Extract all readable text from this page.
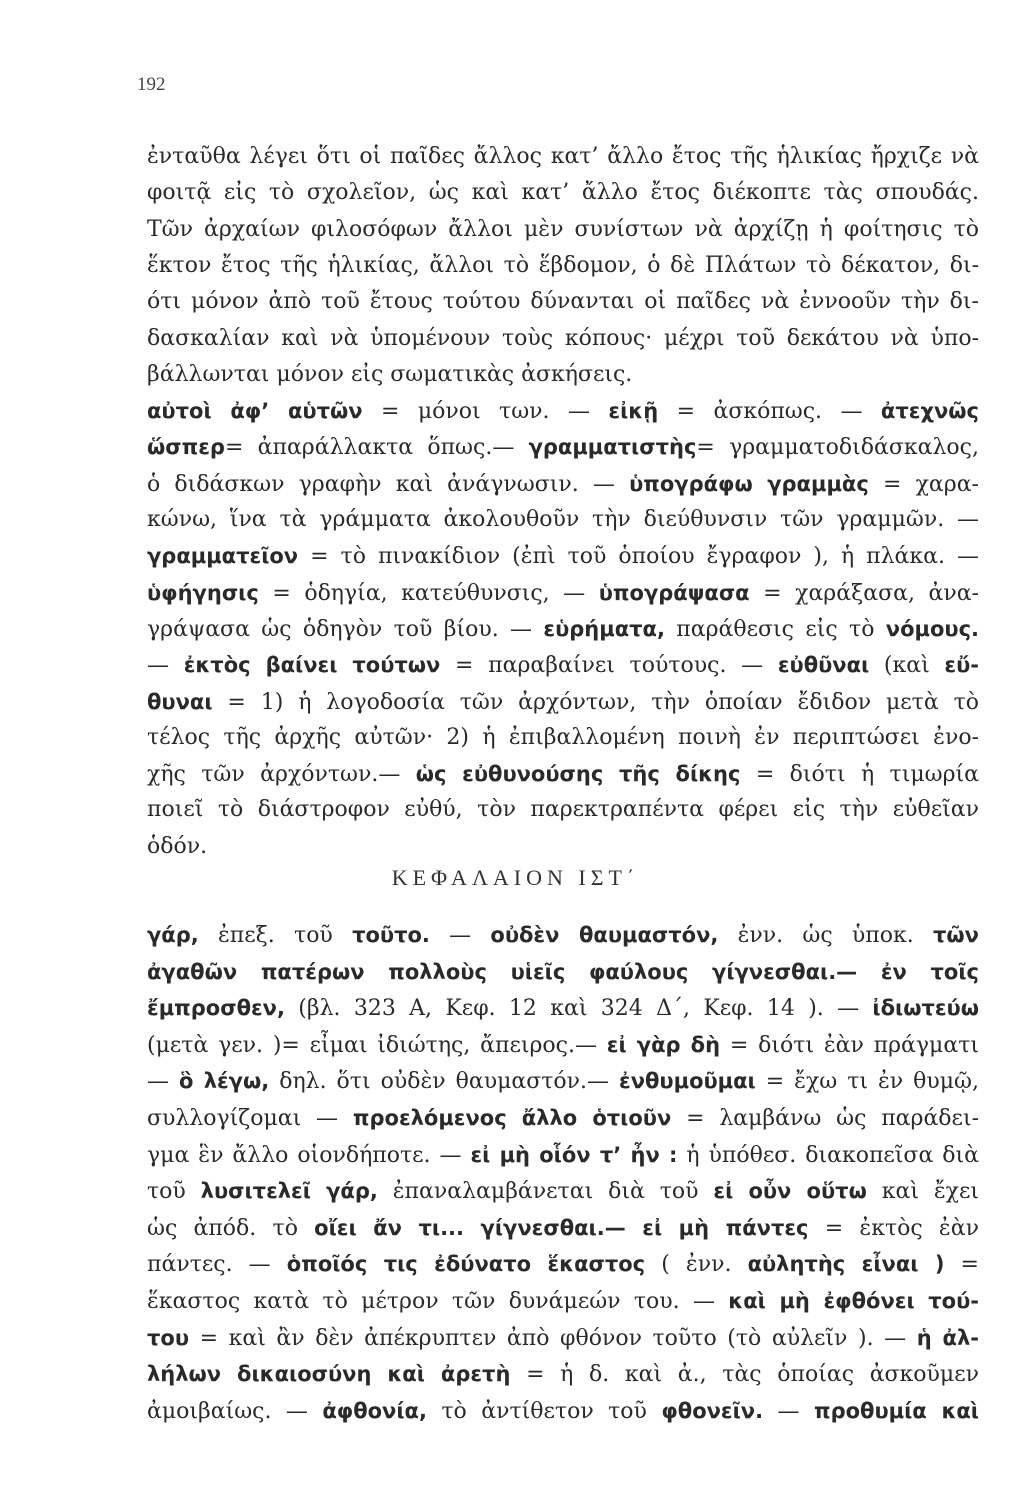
192
ἐνταῦθα λέγει ὅτι οἱ παῖδες ἄλλος κατ’ ἄλλο ἔτος τῆς ἡλικίας ἤρχιζε νὰ
φοιτᾷ εἰς τὸ σχολεῖον, ὡς καὶ κατ’ ἄλλο ἔτος διέκοπτε τὰς σπουδάς.
Τῶν ἀρχαίων φιλοσόφων ἄλλοι μὲν συνίστων νὰ ἀρχίζῃ ἡ φοίτησις τὸ
ἕκτον ἔτος τῆς ἡλικίας, ἄλλοι τὸ ἕβδομον, ὁ δὲ Πλάτων τὸ δέκατον, δι-
ότι μόνον ἀπὸ τοῦ ἔτους τούτου δύνανται οἱ παῖδες νὰ ἐννοοῦν τὴν δι-
δασκαλίαν καὶ νὰ ὑπομένουν τοὺς κόπους· μέχρι τοῦ δεκάτου νὰ ὑπο-
βάλλωνται μόνον εἰς σωματικὰς ἀσκήσεις.
αὐτοὶ ἀφ’ αὑτῶν = μόνοι των. — εἰκῇ = ἀσκόπως. — ἀτεχνῶς
ὥσπερ= ἀπαράλλακτα ὅπως.— γραμματιστὴς= γραμματοδιδάσκαλος,
ὁ διδάσκων γραφὴν καὶ ἀνάγνωσιν. — ὑπογράφω γραμμὰς = χαρα-
κώνω, ἵνα τὰ γράμματα ἀκολουθοῦν τὴν διεύθυνσιν τῶν γραμμῶν. —
γραμματεῖον = τὸ πινακίδιον (ἐπὶ τοῦ ὁποίου ἔγραφον ), ἡ πλάκα. —
ὑφήγησις = ὁδηγία, κατεύθυνσις, — ὑπογράψασα = χαράξασα, ἀνα-
γράψασα ὡς ὁδηγὸν τοῦ βίου. — εὑρήματα, παράθεσις εἰς τὸ νόμους.
— ἐκτὸς βαίνει τούτων = παραβαίνει τούτους. — εὐθῦναι (καὶ εὔ-
θυναι = 1) ἡ λογοδοσία τῶν ἀρχόντων, τὴν ὁποίαν ἔδιδον μετὰ τὸ
τέλος τῆς ἀρχῆς αὐτῶν· 2) ἡ ἐπιβαλλομένη ποινὴ ἐν περιπτώσει ἐνο-
χῆς τῶν ἀρχόντων.— ὡς εὐθυνούσης τῆς δίκης = διότι ἡ τιμωρία
ποιεῖ τὸ διάστροφον εὐθύ, τὸν παρεκτραπέντα φέρει εἰς τὴν εὐθεῖαν
ὁδόν.
ΚΕΦΑΛΑΙΟΝ ΙΣΤ΄
γάρ, ἐπεξ. τοῦ τοῦτο. — οὐδὲν θαυμαστόν, ἐνν. ὡς ὑποκ. τῶν
ἀγαθῶν πατέρων πολλοὺς υἱεῖς φαύλους γίγνεσθαι.— ἐν τοῖς
ἔμπροσθεν, (βλ. 323 Α, Κεφ. 12 καὶ 324 Δ΄, Κεφ. 14 ). — ἰδιωτεύω
(μετὰ γεν. )= εἶμαι ἰδιώτης, ἄπειρος.— εἰ γὰρ δὴ = διότι ἐὰν πράγματι
— ὃ λέγω, δηλ. ὅτι οὐδὲν θαυμαστόν.— ἐνθυμοῦμαι = ἔχω τι ἐν θυμῷ,
συλλογίζομαι — προελόμενος ἄλλο ὁτιοῦν = λαμβάνω ὡς παράδει-
γμα ἓν ἄλλο οἱονδήποτε. — εἰ μὴ οἷόν τ’ ἦν : ἡ ὑπόθεσ. διακοπεῖσα διὰ
τοῦ λυσιτελεῖ γάρ, ἐπαναλαμβάνεται διὰ τοῦ εἰ οὖν οὕτω καὶ ἔχει
ὡς ἀπόδ. τὸ οἴει ἄν τι... γίγνεσθαι.— εἰ μὴ πάντες = ἐκτὸς ἐὰν
πάντες. — ὁποῖός τις ἐδύνατο ἕκαστος ( ἐνν. αὐλητὴς εἶναι ) =
ἕκαστος κατὰ τὸ μέτρον τῶν δυνάμεών του. — καὶ μὴ ἐφθόνει τού-
του = καὶ ἂν δὲν ἀπέκρυπτεν ἀπὸ φθόνον τοῦτο (τὸ αὐλεῖν ). — ἡ ἀλ-
λήλων δικαιοσύνη καὶ ἀρετὴ = ἡ δ. καὶ ἀ., τὰς ὁποίας ἀσκοῦμεν
ἀμοιβαίως. — ἀφθονία, τὸ ἀντίθετον τοῦ φθονεῖν. — προθυμία καὶ
